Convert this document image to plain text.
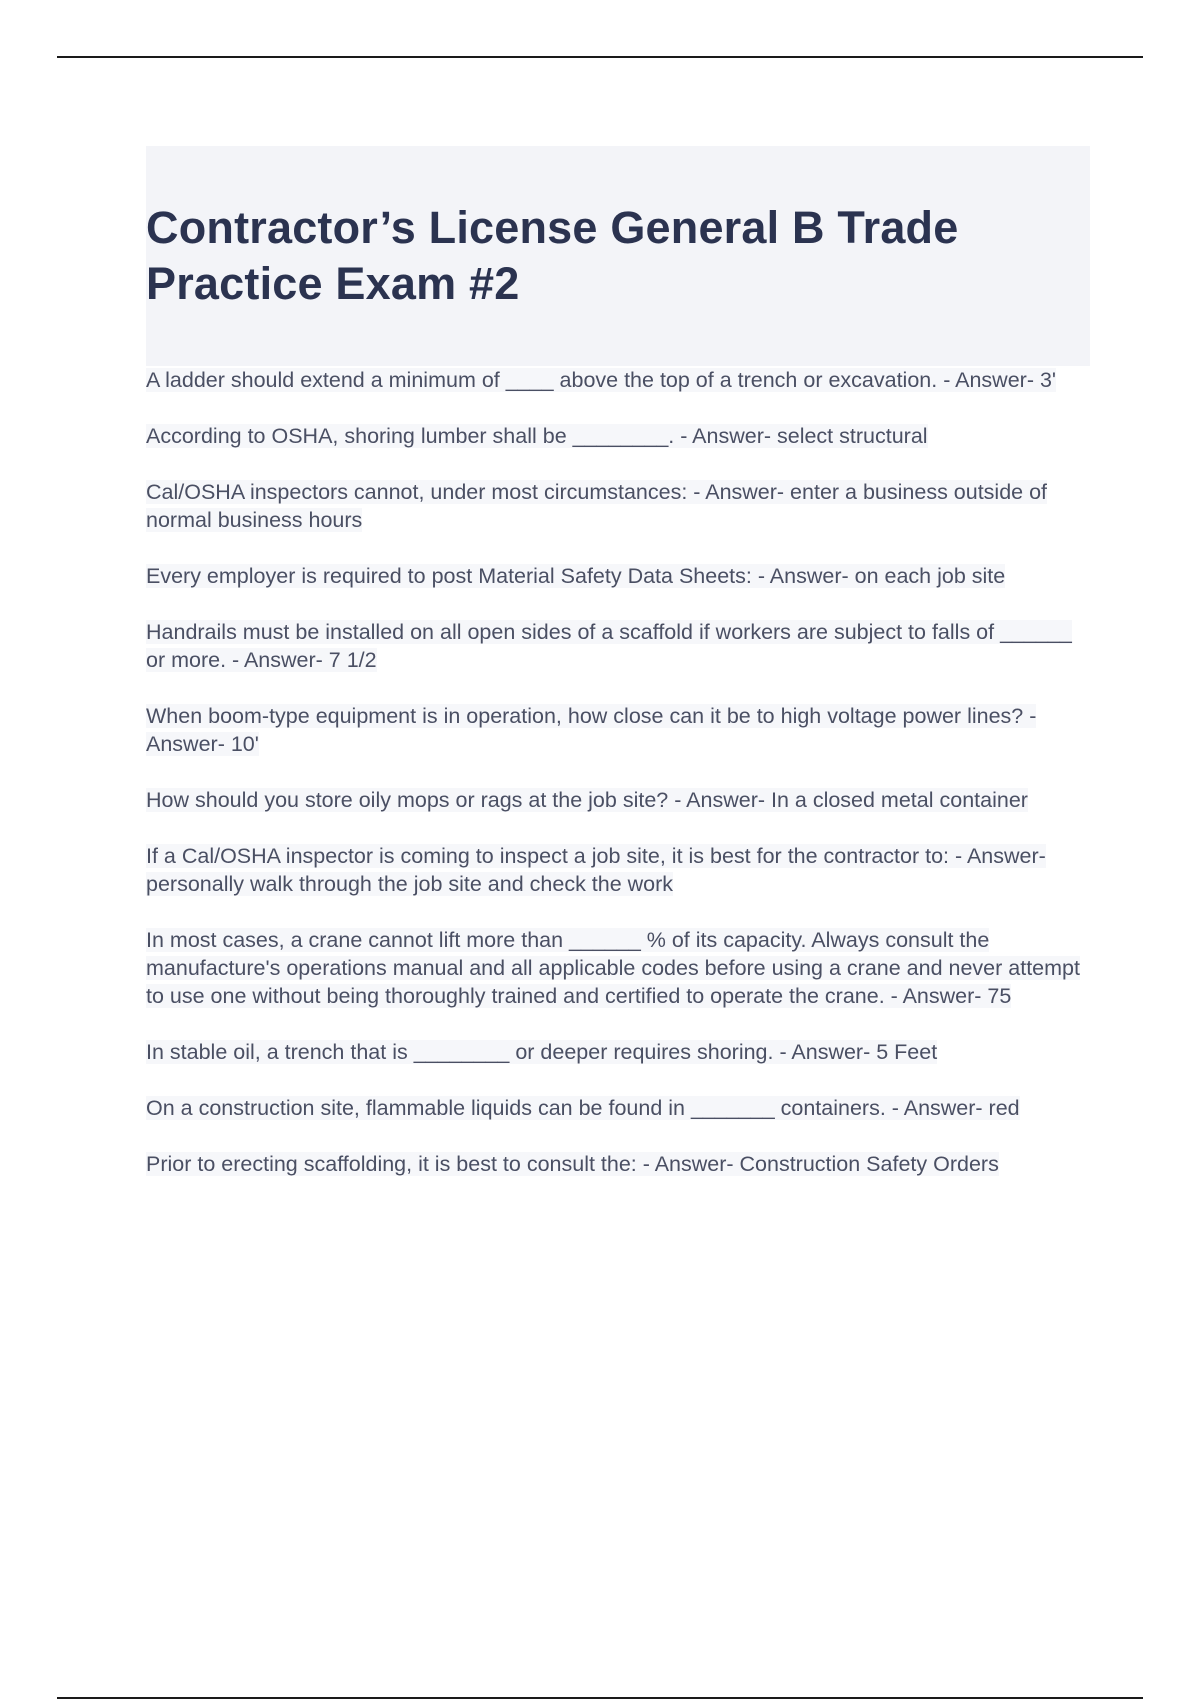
Contractor’s License General B Trade Practice Exam #2
A ladder should extend a minimum of ____ above the top of a trench or excavation. - Answer- 3'
According to OSHA, shoring lumber shall be ________. - Answer- select structural
Cal/OSHA inspectors cannot, under most circumstances: - Answer- enter a business outside of normal business hours
Every employer is required to post Material Safety Data Sheets: - Answer- on each job site
Handrails must be installed on all open sides of a scaffold if workers are subject to falls of ______ or more. - Answer- 7 1/2
When boom-type equipment is in operation, how close can it be to high voltage power lines? - Answer- 10'
How should you store oily mops or rags at the job site? - Answer- In a closed metal container
If a Cal/OSHA inspector is coming to inspect a job site, it is best for the contractor to: - Answer- personally walk through the job site and check the work
In most cases, a crane cannot lift more than ______ % of its capacity. Always consult the manufacture's operations manual and all applicable codes before using a crane and never attempt to use one without being thoroughly trained and certified to operate the crane. - Answer- 75
In stable oil, a trench that is ________ or deeper requires shoring. - Answer- 5 Feet
On a construction site, flammable liquids can be found in _______ containers. - Answer- red
Prior to erecting scaffolding, it is best to consult the: - Answer- Construction Safety Orders
